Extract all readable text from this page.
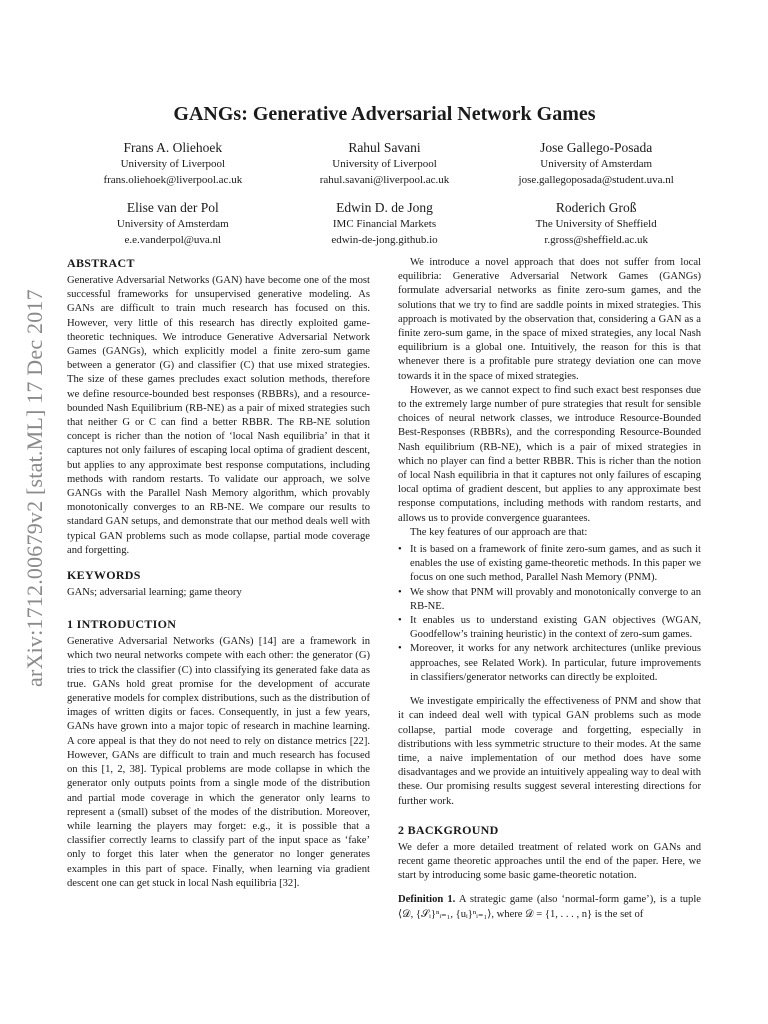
arXiv:1712.00679v2 [stat.ML] 17 Dec 2017
GANGs: Generative Adversarial Network Games
Frans A. Oliehoek
University of Liverpool
frans.oliehoek@liverpool.ac.uk
Rahul Savani
University of Liverpool
rahul.savani@liverpool.ac.uk
Jose Gallego-Posada
University of Amsterdam
jose.gallegoposada@student.uva.nl
Elise van der Pol
University of Amsterdam
e.e.vanderpol@uva.nl
Edwin D. de Jong
IMC Financial Markets
edwin-de-jong.github.io
Roderich Groß
The University of Sheffield
r.gross@sheffield.ac.uk
ABSTRACT

Generative Adversarial Networks (GAN) have become one of the most successful frameworks for unsupervised generative modeling. As GANs are difficult to train much research has focused on this. However, very little of this research has directly exploited game-theoretic techniques. We introduce Generative Adversarial Network Games (GANGs), which explicitly model a finite zero-sum game between a generator (G) and classifier (C) that use mixed strategies. The size of these games precludes exact solution methods, therefore we define resource-bounded best responses (RBBRs), and a resource-bounded Nash Equilibrium (RB-NE) as a pair of mixed strategies such that neither G or C can find a better RBBR. The RB-NE solution concept is richer than the notion of ‘local Nash equilibria’ in that it captures not only failures of escaping local optima of gradient descent, but applies to any approximate best response computations, including methods with random restarts. To validate our approach, we solve GANGs with the Parallel Nash Memory algorithm, which provably monotonically converges to an RB-NE. We compare our results to standard GAN setups, and demonstrate that our method deals well with typical GAN problems such as mode collapse, partial mode coverage and forgetting.

KEYWORDS

GANs; adversarial learning; game theory

1 INTRODUCTION

Generative Adversarial Networks (GANs) [14] are a framework in which two neural networks compete with each other: the generator (G) tries to trick the classifier (C) into classifying its generated fake data as true. GANs hold great promise for the development of accurate generative models for complex distributions, such as the distribution of images of written digits or faces. Consequently, in just a few years, GANs have grown into a major topic of research in machine learning. A core appeal is that they do not need to rely on distance metrics [22]. However, GANs are difficult to train and much research has focused on this [1, 2, 38]. Typical problems are mode collapse in which the generator only outputs points from a single mode of the distribution and partial mode coverage in which the generator only learns to represent a (small) subset of the modes of the distribution. Moreover, while learning the players may forget: e.g., it is possible that a classifier correctly learns to classify part of the input space as ‘fake’ only to forget this later when the generator no longer generates examples in this part of space. Finally, when learning via gradient descent one can get stuck in local Nash equilibria [32].

We introduce a novel approach that does not suffer from local equilibria: Generative Adversarial Network Games (GANGs) formulate adversarial networks as finite zero-sum games, and the solutions that we try to find are saddle points in mixed strategies. This approach is motivated by the observation that, considering a GAN as a finite zero-sum game, in the space of mixed strategies, any local Nash equilibrium is a global one. Intuitively, the reason for this is that whenever there is a profitable pure strategy deviation one can move towards it in the space of mixed strategies.

However, as we cannot expect to find such exact best responses due to the extremely large number of pure strategies that result for sensible choices of neural network classes, we introduce Resource-Bounded Best-Responses (RBBRs), and the corresponding Resource-Bounded Nash equilibrium (RB-NE), which is a pair of mixed strategies in which no player can find a better RBBR. This is richer than the notion of local Nash equilibria in that it captures not only failures of escaping local optima of gradient descent, but applies to any approximate best response computations, including methods with random restarts, and allows us to provide convergence guarantees.

The key features of our approach are that:

• It is based on a framework of finite zero-sum games, and as such it enables the use of existing game-theoretic methods. In this paper we focus on one such method, Parallel Nash Memory (PNM).
• We show that PNM will provably and monotonically converge to an RB-NE.
• It enables us to understand existing GAN objectives (WGAN, Goodfellow’s training heuristic) in the context of zero-sum games.
• Moreover, it works for any network architectures (unlike previous approaches, see Related Work). In particular, future improvements in classifiers/generator networks can directly be exploited.

We investigate empirically the effectiveness of PNM and show that it can indeed deal well with typical GAN problems such as mode collapse, partial mode coverage and forgetting, especially in distributions with less symmetric structure to their modes. At the same time, a naive implementation of our method does have some disadvantages and we provide an intuitively appealing way to deal with these. Our promising results suggest several interesting directions for further work.

2 BACKGROUND

We defer a more detailed treatment of related work on GANs and recent game theoretic approaches until the end of the paper. Here, we start by introducing some basic game-theoretic notation.

Definition 1. A strategic game (also ‘normal-form game’), is a tuple ⟨𝒟, {𝒮ᵢ}ⁿᵢ₌₁, {uᵢ}ⁿᵢ₌₁⟩, where 𝒟 = {1, . . . , n} is the set of
